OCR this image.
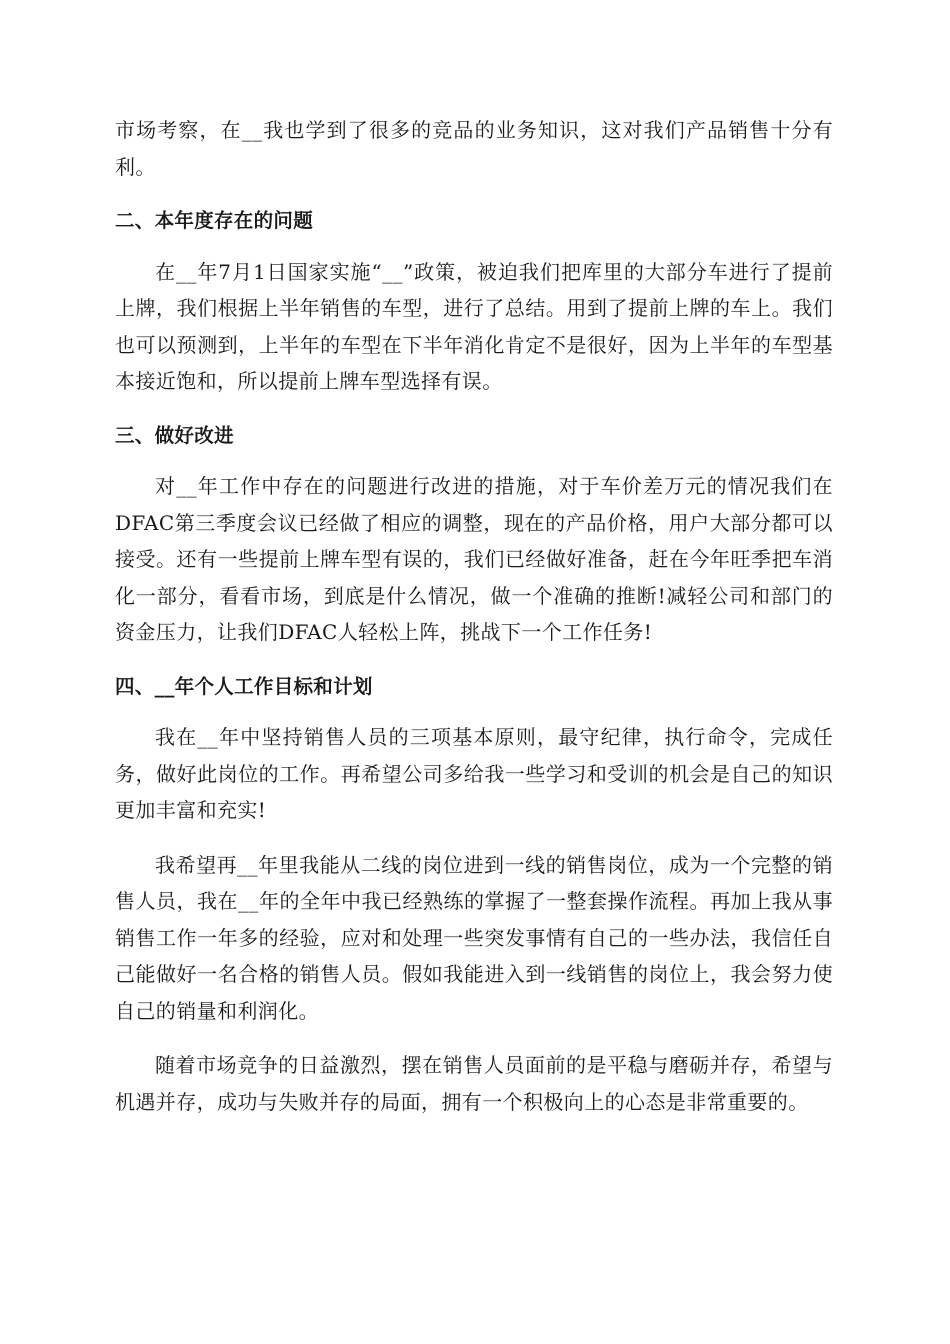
市场考察，在__我也学到了很多的竞品的业务知识，这对我们产品销售十分有利。

二、本年度存在的问题

在__年7月1日国家实施“__”政策，被迫我们把库里的大部分车进行了提前上牌，我们根据上半年销售的车型，进行了总结。用到了提前上牌的车上。我们也可以预测到，上半年的车型在下半年消化肯定不是很好，因为上半年的车型基本接近饱和，所以提前上牌车型选择有误。

三、做好改进

对__年工作中存在的问题进行改进的措施，对于车价差万元的情况我们在DFAC第三季度会议已经做了相应的调整，现在的产品价格，用户大部分都可以接受。还有一些提前上牌车型有误的，我们已经做好准备，赶在今年旺季把车消化一部分，看看市场，到底是什么情况，做一个准确的推断!减轻公司和部门的资金压力，让我们DFAC人轻松上阵，挑战下一个工作任务!

四、__年个人工作目标和计划

我在__年中坚持销售人员的三项基本原则，最守纪律，执行命令，完成任务，做好此岗位的工作。再希望公司多给我一些学习和受训的机会是自己的知识更加丰富和充实!

我希望再__年里我能从二线的岗位进到一线的销售岗位，成为一个完整的销售人员，我在__年的全年中我已经熟练的掌握了一整套操作流程。再加上我从事销售工作一年多的经验，应对和处理一些突发事情有自己的一些办法，我信任自己能做好一名合格的销售人员。假如我能进入到一线销售的岗位上，我会努力使自己的销量和利润化。

随着市场竞争的日益激烈，摆在销售人员面前的是平稳与磨砺并存，希望与机遇并存，成功与失败并存的局面，拥有一个积极向上的心态是非常重要的。
